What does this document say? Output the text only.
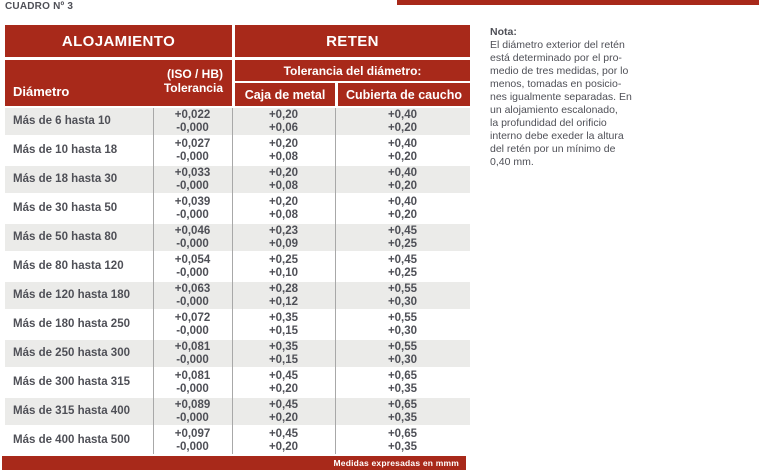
CUADRO Nº 3
ALOJAMIENTO	RETEN
Diámetro
(ISO / HB)
Tolerancia
Tolerancia del diámetro:
Caja de metal	Cubierta de caucho
Más de 6 hasta 10
+0,022
-0,000
+0,20
+0,06
+0,40
+0,20
Más de 10 hasta 18
+0,027
-0,000
+0,20
+0,08
+0,40
+0,20
Más de 18 hasta 30
+0,033
-0,000
+0,20
+0,08
+0,40
+0,20
Más de 30 hasta 50
+0,039
-0,000
+0,20
+0,08
+0,40
+0,20
Más de 50 hasta 80
+0,046
-0,000
+0,23
+0,09
+0,45
+0,25
Más de 80 hasta 120
+0,054
-0,000
+0,25
+0,10
+0,45
+0,25
Más de 120 hasta 180
+0,063
-0,000
+0,28
+0,12
+0,55
+0,30
Más de 180 hasta 250
+0,072
-0,000
+0,35
+0,15
+0,55
+0,30
Más de 250 hasta 300
+0,081
-0,000
+0,35
+0,15
+0,55
+0,30
Más de 300 hasta 315
+0,081
-0,000
+0,45
+0,20
+0,65
+0,35
Más de 315 hasta 400
+0,089
-0,000
+0,45
+0,20
+0,65
+0,35
Más de 400 hasta 500
+0,097
-0,000
+0,45
+0,20
+0,65
+0,35
Medidas expresadas en mmm
Nota:
El diámetro exterior del retén
está determinado por el pro-
medio de tres medidas, por lo
menos, tomadas en posicio-
nes igualmente separadas. En
un alojamiento escalonado,
la profundidad del orificio
interno debe exeder la altura
del retén por un mínimo de
0,40 mm.
